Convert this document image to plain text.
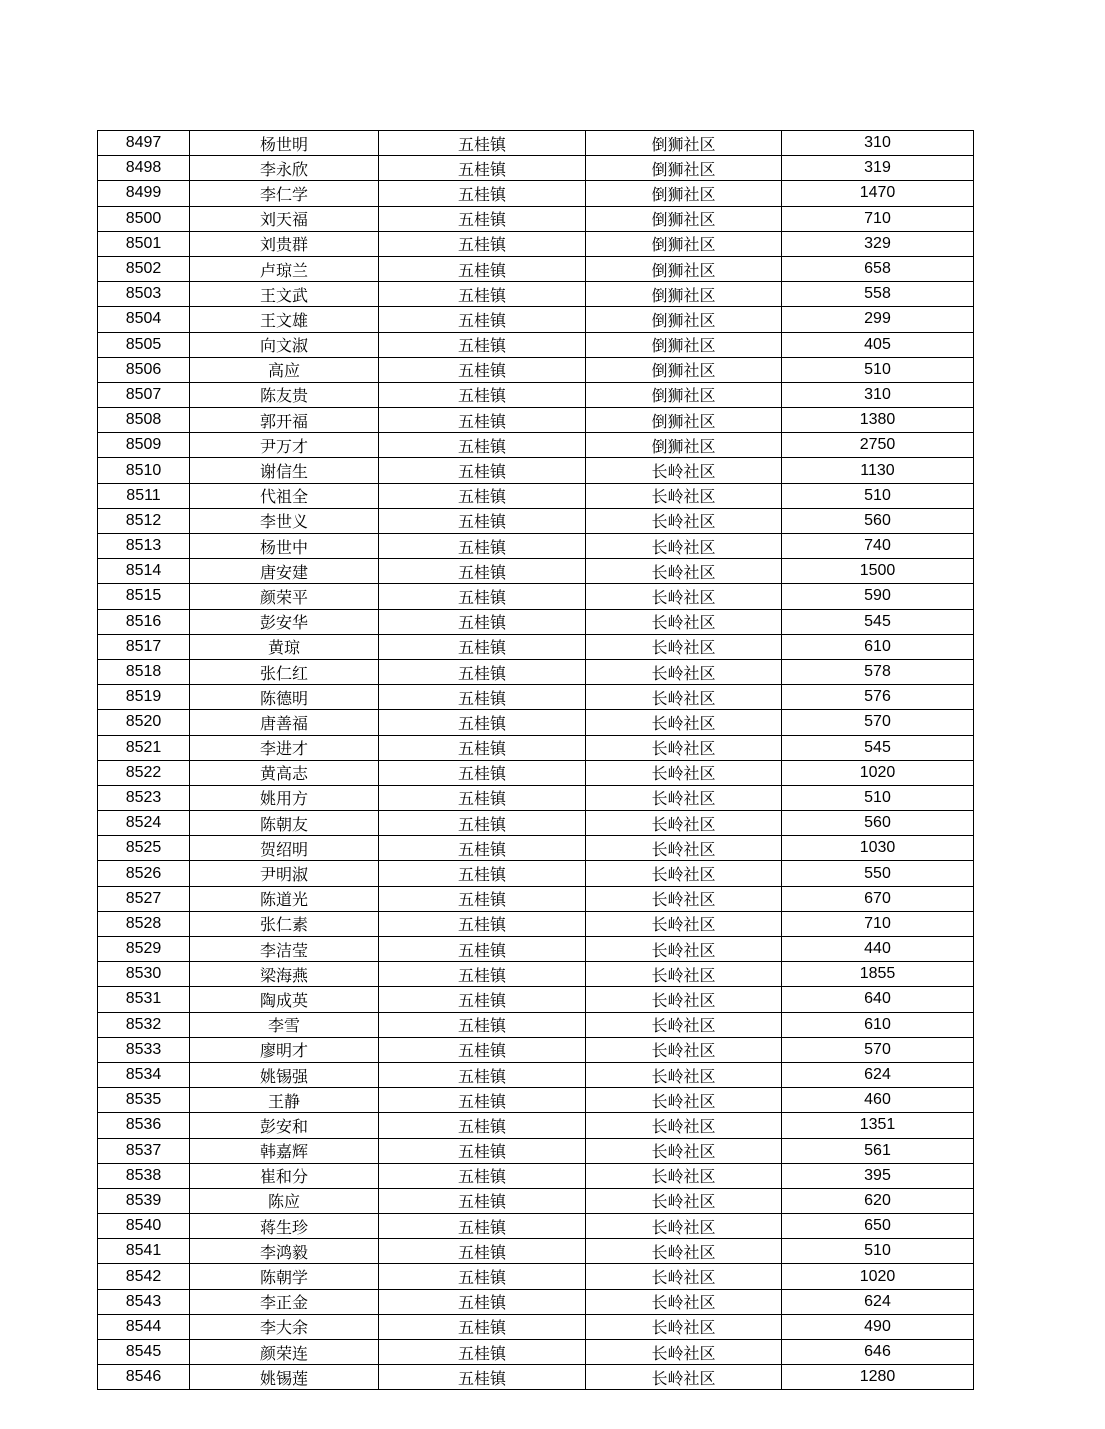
8497	杨世明	五桂镇	倒狮社区	310
8498	李永欣	五桂镇	倒狮社区	319
8499	李仁学	五桂镇	倒狮社区	1470
8500	刘天福	五桂镇	倒狮社区	710
8501	刘贵群	五桂镇	倒狮社区	329
8502	卢琼兰	五桂镇	倒狮社区	658
8503	王文武	五桂镇	倒狮社区	558
8504	王文雄	五桂镇	倒狮社区	299
8505	向文淑	五桂镇	倒狮社区	405
8506	高应	五桂镇	倒狮社区	510
8507	陈友贵	五桂镇	倒狮社区	310
8508	郭开福	五桂镇	倒狮社区	1380
8509	尹万才	五桂镇	倒狮社区	2750
8510	谢信生	五桂镇	长岭社区	1130
8511	代祖全	五桂镇	长岭社区	510
8512	李世义	五桂镇	长岭社区	560
8513	杨世中	五桂镇	长岭社区	740
8514	唐安建	五桂镇	长岭社区	1500
8515	颜荣平	五桂镇	长岭社区	590
8516	彭安华	五桂镇	长岭社区	545
8517	黄琼	五桂镇	长岭社区	610
8518	张仁红	五桂镇	长岭社区	578
8519	陈德明	五桂镇	长岭社区	576
8520	唐善福	五桂镇	长岭社区	570
8521	李进才	五桂镇	长岭社区	545
8522	黄高志	五桂镇	长岭社区	1020
8523	姚用方	五桂镇	长岭社区	510
8524	陈朝友	五桂镇	长岭社区	560
8525	贺绍明	五桂镇	长岭社区	1030
8526	尹明淑	五桂镇	长岭社区	550
8527	陈道光	五桂镇	长岭社区	670
8528	张仁素	五桂镇	长岭社区	710
8529	李洁莹	五桂镇	长岭社区	440
8530	梁海燕	五桂镇	长岭社区	1855
8531	陶成英	五桂镇	长岭社区	640
8532	李雪	五桂镇	长岭社区	610
8533	廖明才	五桂镇	长岭社区	570
8534	姚锡强	五桂镇	长岭社区	624
8535	王静	五桂镇	长岭社区	460
8536	彭安和	五桂镇	长岭社区	1351
8537	韩嘉辉	五桂镇	长岭社区	561
8538	崔和分	五桂镇	长岭社区	395
8539	陈应	五桂镇	长岭社区	620
8540	蒋生珍	五桂镇	长岭社区	650
8541	李鸿毅	五桂镇	长岭社区	510
8542	陈朝学	五桂镇	长岭社区	1020
8543	李正金	五桂镇	长岭社区	624
8544	李大余	五桂镇	长岭社区	490
8545	颜荣连	五桂镇	长岭社区	646
8546	姚锡莲	五桂镇	长岭社区	1280
